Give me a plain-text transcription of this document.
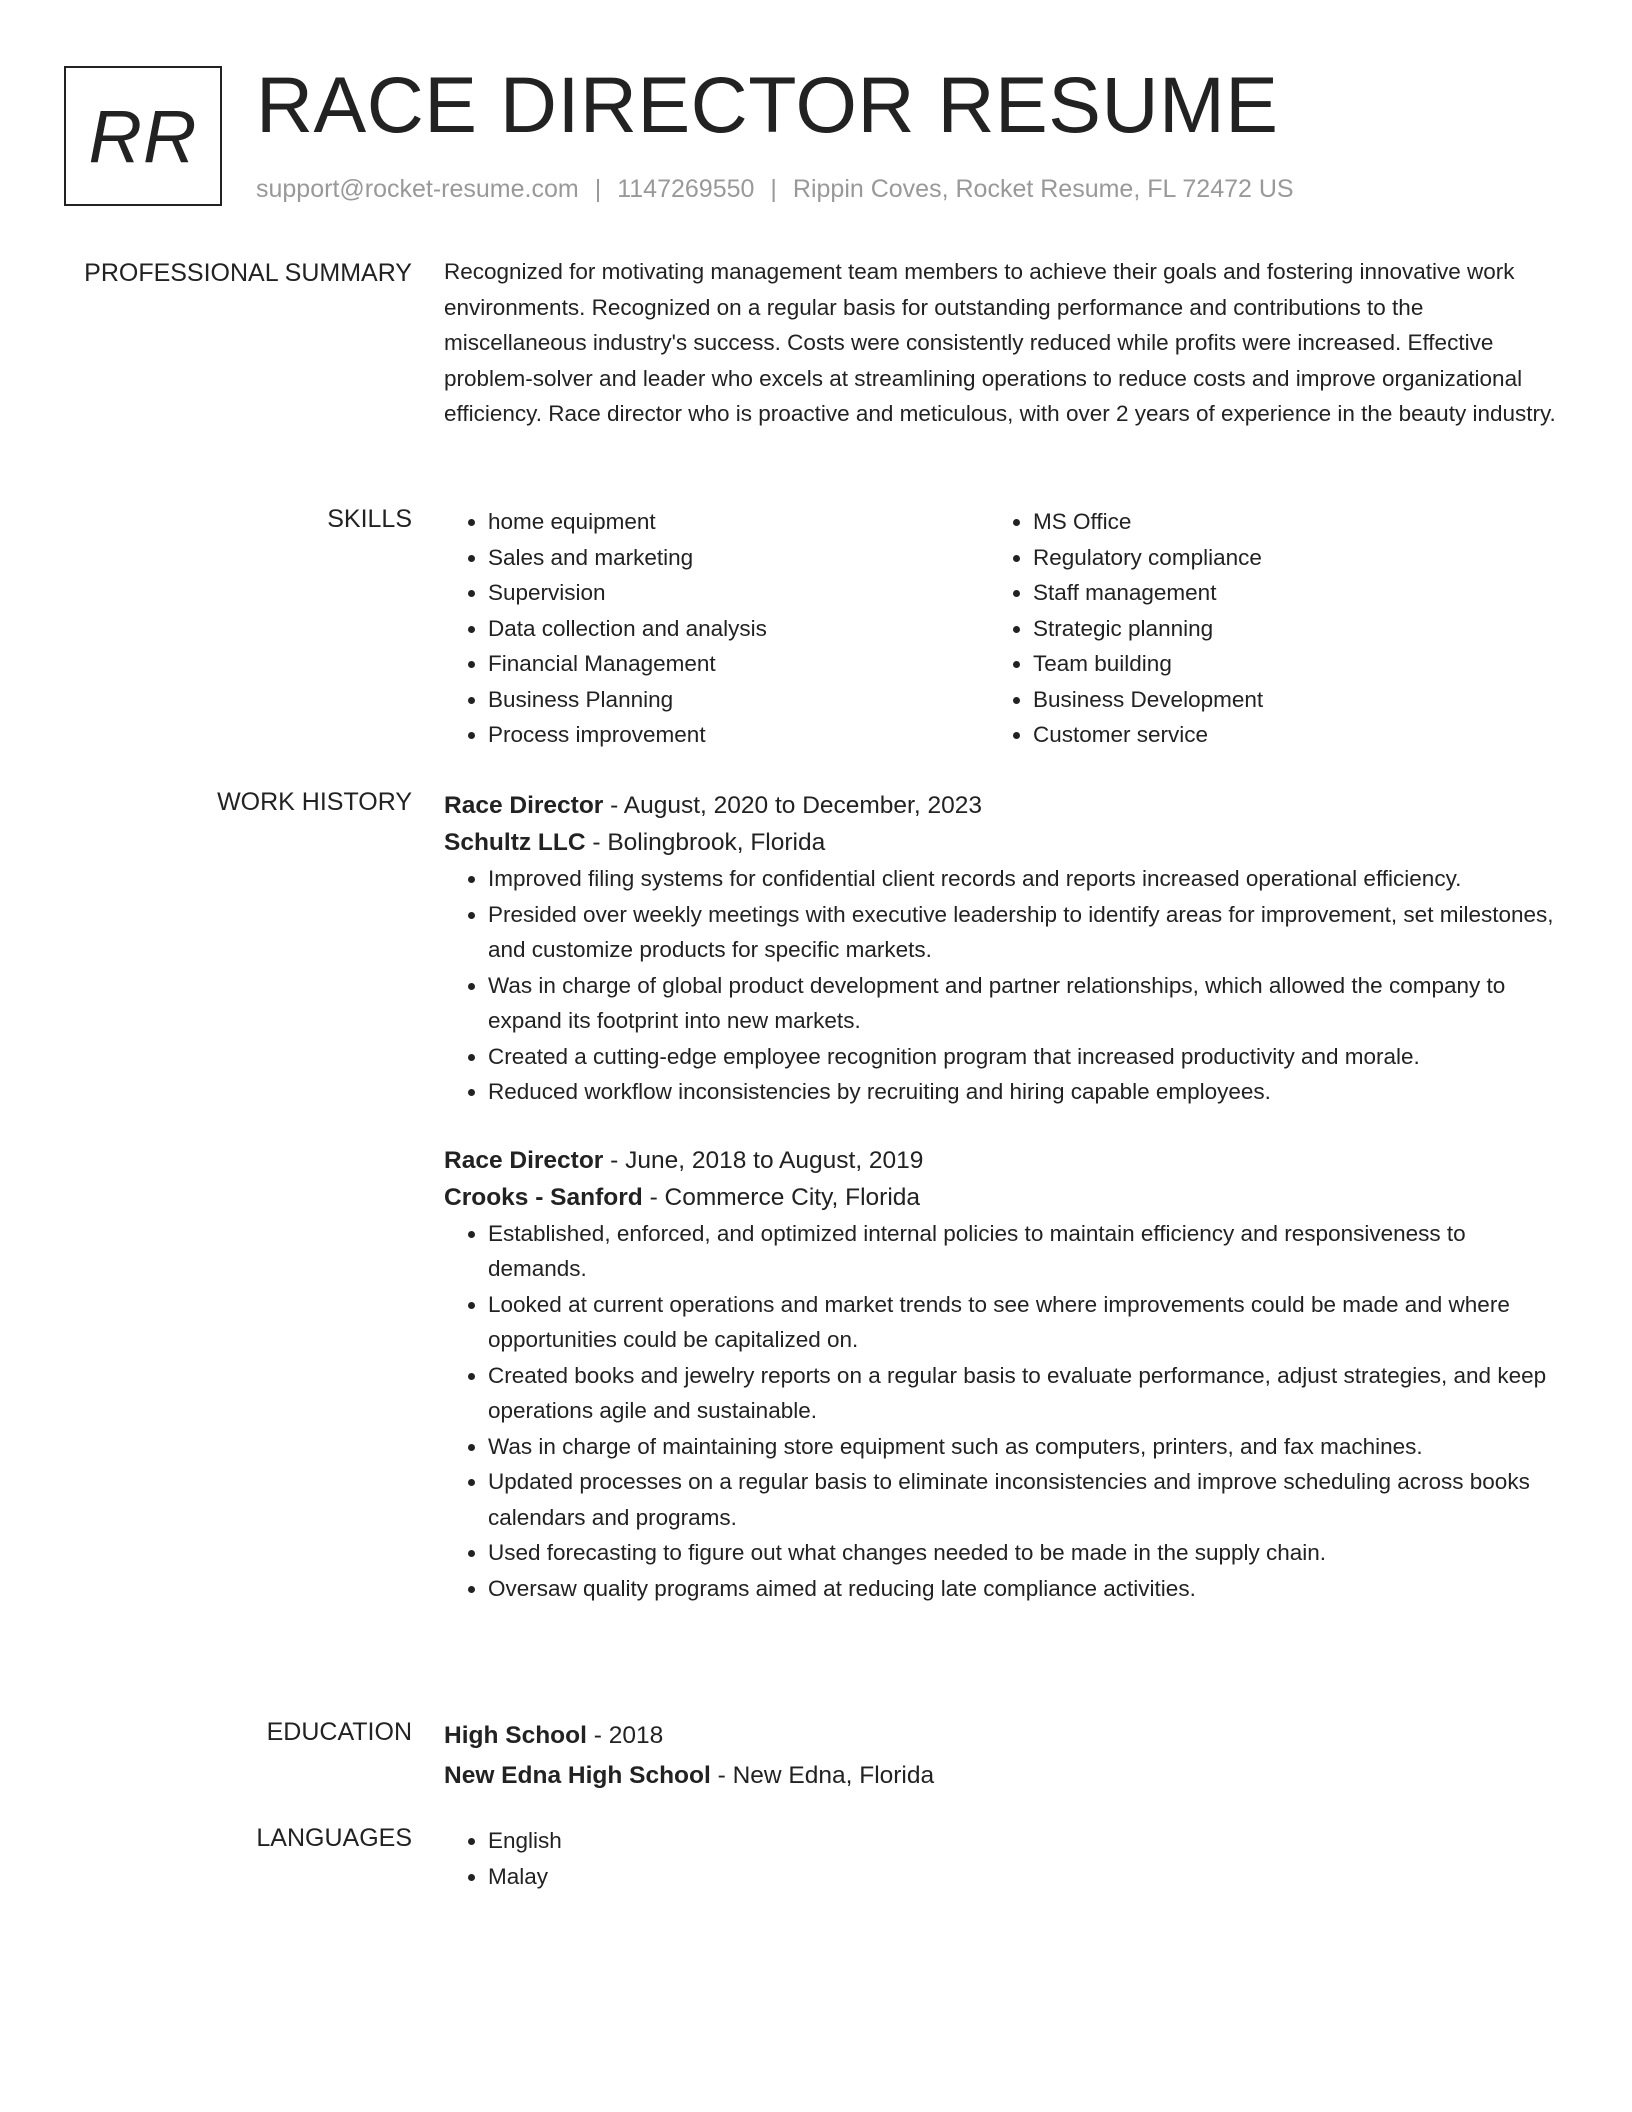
RR RACE DIRECTOR RESUME
support@rocket-resume.com | 1147269550 | Rippin Coves, Rocket Resume, FL 72472 US
PROFESSIONAL SUMMARY Recognized for motivating management team members to achieve their goals and fostering innovative work environments. Recognized on a regular basis for outstanding performance and contributions to the miscellaneous industry's success. Costs were consistently reduced while profits were increased. Effective problem-solver and leader who excels at streamlining operations to reduce costs and improve organizational efficiency. Race director who is proactive and meticulous, with over 2 years of experience in the beauty industry.

SKILLS	• home equipment
• Sales and marketing
• Supervision
• Data collection and analysis
• Financial Management
• Business Planning
• Process improvement
• MS Office
• Regulatory compliance
• Staff management
• Strategic planning
• Team building
• Business Development
• Customer service
WORK HISTORY Race Director - August, 2020 to December, 2023
Schultz LLC - Bolingbrook, Florida
• Improved filing systems for confidential client records and reports increased operational efficiency.
• Presided over weekly meetings with executive leadership to identify areas for improvement, set milestones, and customize products for specific markets.
• Was in charge of global product development and partner relationships, which allowed the company to expand its footprint into new markets.
• Created a cutting-edge employee recognition program that increased productivity and morale.
• Reduced workflow inconsistencies by recruiting and hiring capable employees.
Race Director - June, 2018 to August, 2019
Crooks - Sanford - Commerce City, Florida
• Established, enforced, and optimized internal policies to maintain efficiency and responsiveness to demands.
• Looked at current operations and market trends to see where improvements could be made and where opportunities could be capitalized on.
• Created books and jewelry reports on a regular basis to evaluate performance, adjust strategies, and keep operations agile and sustainable.
• Was in charge of maintaining store equipment such as computers, printers, and fax machines.
• Updated processes on a regular basis to eliminate inconsistencies and improve scheduling across books calendars and programs.
• Used forecasting to figure out what changes needed to be made in the supply chain.
• Oversaw quality programs aimed at reducing late compliance activities.
EDUCATION High School - 2018
New Edna High School - New Edna, Florida
LANGUAGES	• English
• Malay
